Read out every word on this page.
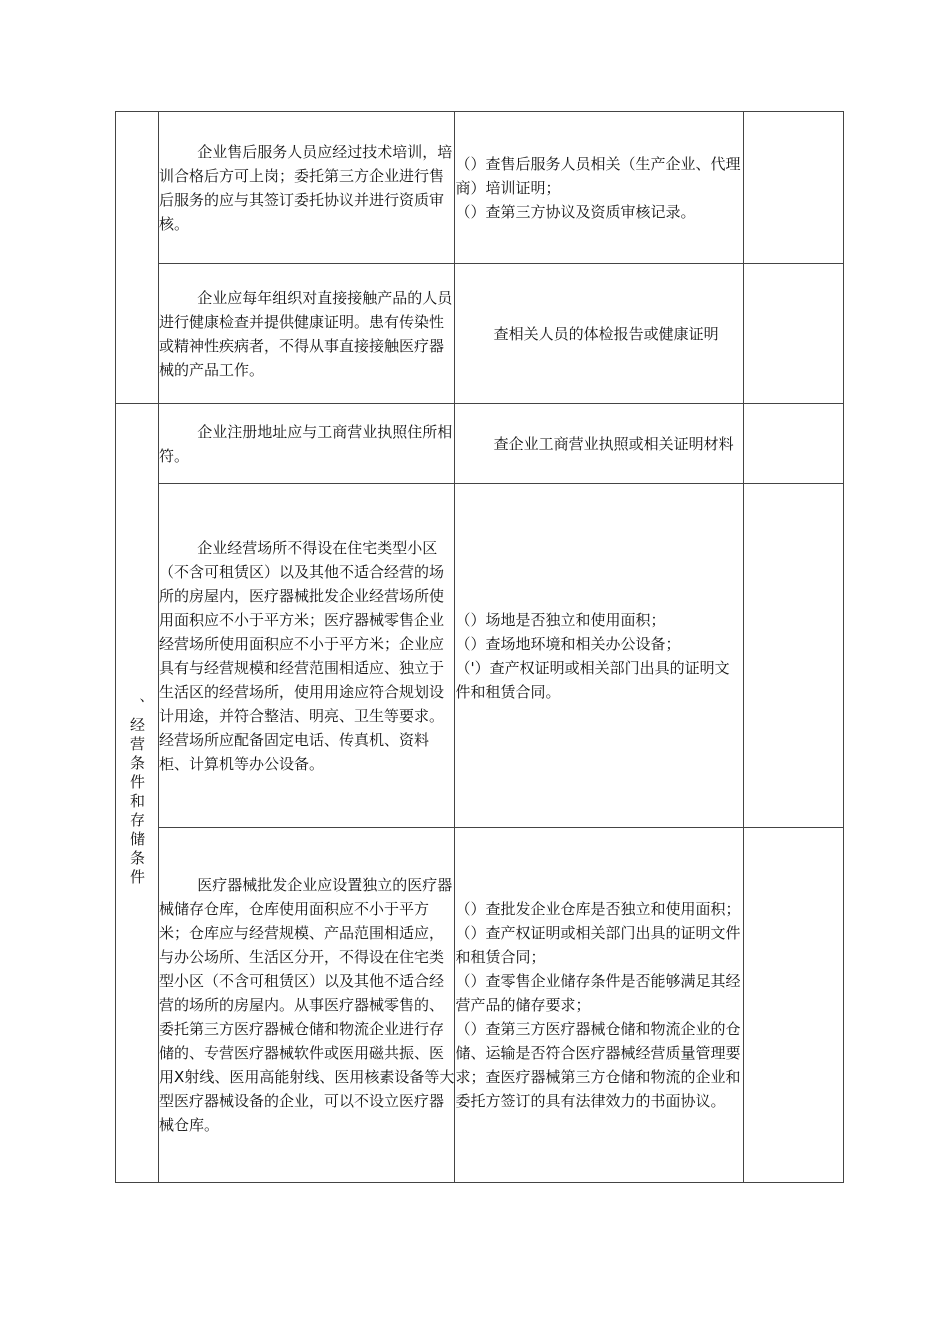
	企业售后服务人员应经过技术培训，培训合格后方可上岗；委托第三方企业进行售后服务的应与其签订委托协议并进行资质审核。	（）查售后服务人员相关（生产企业、代理商）培训证明；
（）查第三方协议及资质审核记录。	

	企业应每年组织对直接接触产品的人员进行健康检查并提供健康证明。患有传染性或精神性疾病者，不得从事直接接触医疗器械的产品工作。	查相关人员的体检报告或健康证明	

、经营条件和存储条件	企业注册地址应与工商营业执照住所相符。	查企业工商营业执照或相关证明材料	

	企业经营场所不得设在住宅类型小区（不含可租赁区）以及其他不适合经营的场所的房屋内，医疗器械批发企业经营场所使用面积应不小于平方米；医疗器械零售企业经营场所使用面积应不小于平方米；企业应具有与经营规模和经营范围相适应、独立于生活区的经营场所，使用用途应符合规划设计用途，并符合整洁、明亮、卫生等要求。经营场所应配备固定电话、传真机、资料柜、计算机等办公设备。	（）场地是否独立和使用面积；
（）查场地环境和相关办公设备；
（'）查产权证明或相关部门出具的证明文件和租赁合同。	

	医疗器械批发企业应设置独立的医疗器械储存仓库，仓库使用面积应不小于平方米；仓库应与经营规模、产品范围相适应，与办公场所、生活区分开，不得设在住宅类型小区（不含可租赁区）以及其他不适合经营的场所的房屋内。从事医疗器械零售的、委托第三方医疗器械仓储和物流企业进行存储的、专营医疗器械软件或医用磁共振、医用X射线、医用高能射线、医用核素设备等大型医疗器械设备的企业，可以不设立医疗器械仓库。	（）查批发企业仓库是否独立和使用面积；
（）查产权证明或相关部门出具的证明文件和租赁合同；
（）查零售企业储存条件是否能够满足其经营产品的储存要求；
（）查第三方医疗器械仓储和物流企业的仓储、运输是否符合医疗器械经营质量管理要求；查医疗器械第三方仓储和物流的企业和委托方签订的具有法律效力的书面协议。	
